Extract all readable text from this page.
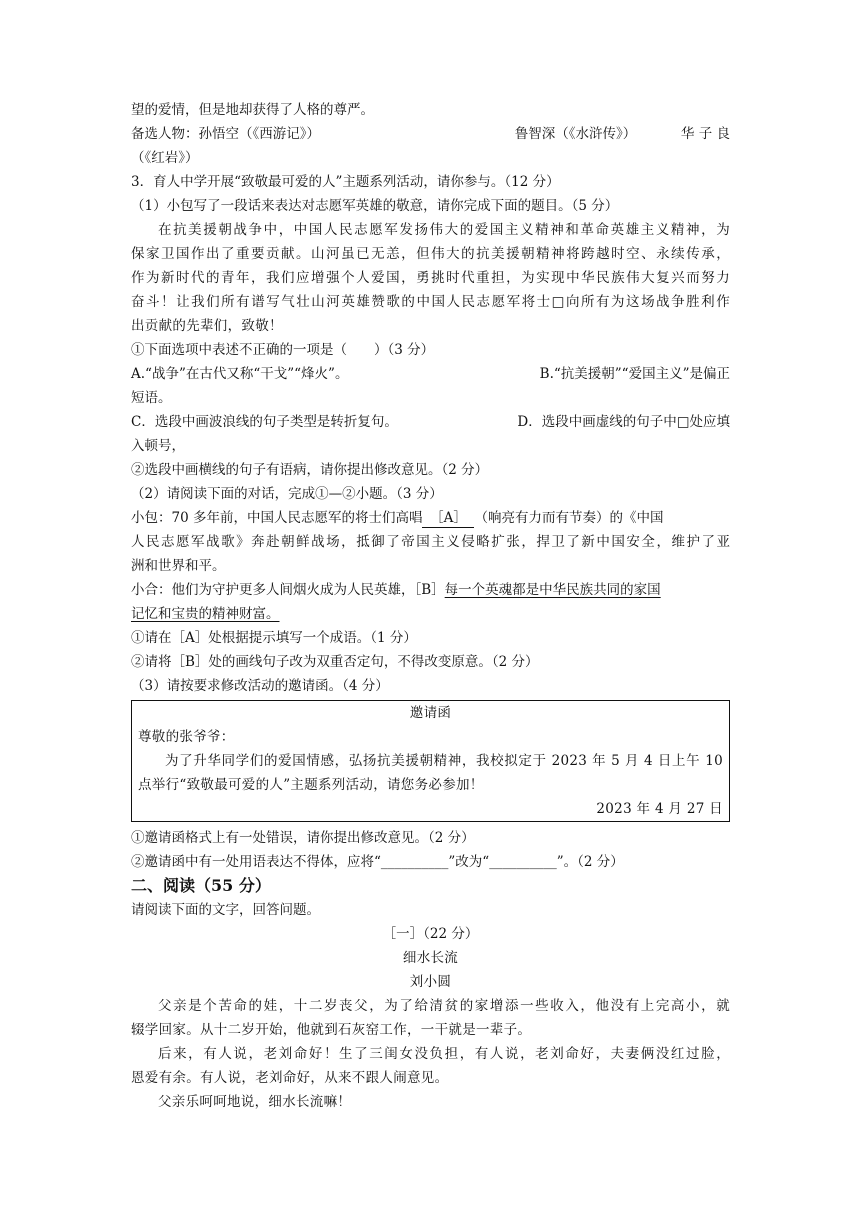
望的爱情，但是地却获得了人格的尊严。

备选人物：孙悟空（《西游记》）	鲁智深（《水浒传》）	华 子 良

（《红岩》）

3．育人中学开展“致敬最可爱的人”主题系列活动，请你参与。（12 分）

（1）小包写了一段话来表达对志愿军英雄的敬意，请你完成下面的题目。（5 分）

在抗美援朝战争中，中国人民志愿军发扬伟大的爱国主义精神和革命英雄主义精神，为

保家卫国作出了重要贡献。山河虽已无恙，但伟大的抗美援朝精神将跨越时空、永续传承，

作为新时代的青年，我们应增强个人爱国，勇挑时代重担，为实现中华民族伟大复兴而努力

奋斗！让我们所有谱写气壮山河英雄赞歌的中国人民志愿军将士□向所有为这场战争胜利作

出贡献的先辈们，致敬！

①下面选项中表述不正确的一项是（　　）（3 分）

A.“战争”在古代又称“干戈”“烽火”。	B.“抗美援朝”“爱国主义”是偏正

短语。

C．选段中画波浪线的句子类型是转折复句。	D．选段中画虚线的句子中□处应填

入顿号，

②选段中画横线的句子有语病，请你提出修改意见。（2 分）

（2）请阅读下面的对话，完成①—②小题。（3 分）

小包：70 多年前，中国人民志愿军的将士们高唱 ［A］ （响亮有力而有节奏）的《中国

人民志愿军战歌》奔赴朝鲜战场，抵御了帝国主义侵略扩张，捍卫了新中国安全，维护了亚

洲和世界和平。

小合：他们为守护更多人间烟火成为人民英雄，［B］每一个英魂都是中华民族共同的家国

记忆和宝贵的精神财富。

①请在［A］处根据提示填写一个成语。（1 分）

②请将［B］处的画线句子改为双重否定句，不得改变原意。（2 分）

（3）请按要求修改活动的邀请函。（4 分）

邀请函

尊敬的张爷爷：

为了升华同学们的爱国情感，弘扬抗美援朝精神，我校拟定于 2023 年 5 月 4 日上午 10

点举行“致敬最可爱的人”主题系列活动，请您务必参加！

2023 年 4 月 27 日

①邀请函格式上有一处错误，请你提出修改意见。（2 分）

②邀请函中有一处用语表达不得体，应将“__________”改为“__________”。（2 分）

二、阅读（55 分）

请阅读下面的文字，回答问题。

［一］（22 分）

细水长流

刘小圆

父亲是个苦命的娃，十二岁丧父，为了给清贫的家增添一些收入，他没有上完高小，就

辍学回家。从十二岁开始，他就到石灰窑工作，一干就是一辈子。

后来，有人说，老刘命好！生了三闺女没负担，有人说，老刘命好，夫妻俩没红过脸，

恩爱有余。有人说，老刘命好，从来不跟人闹意见。

父亲乐呵呵地说，细水长流嘛！
